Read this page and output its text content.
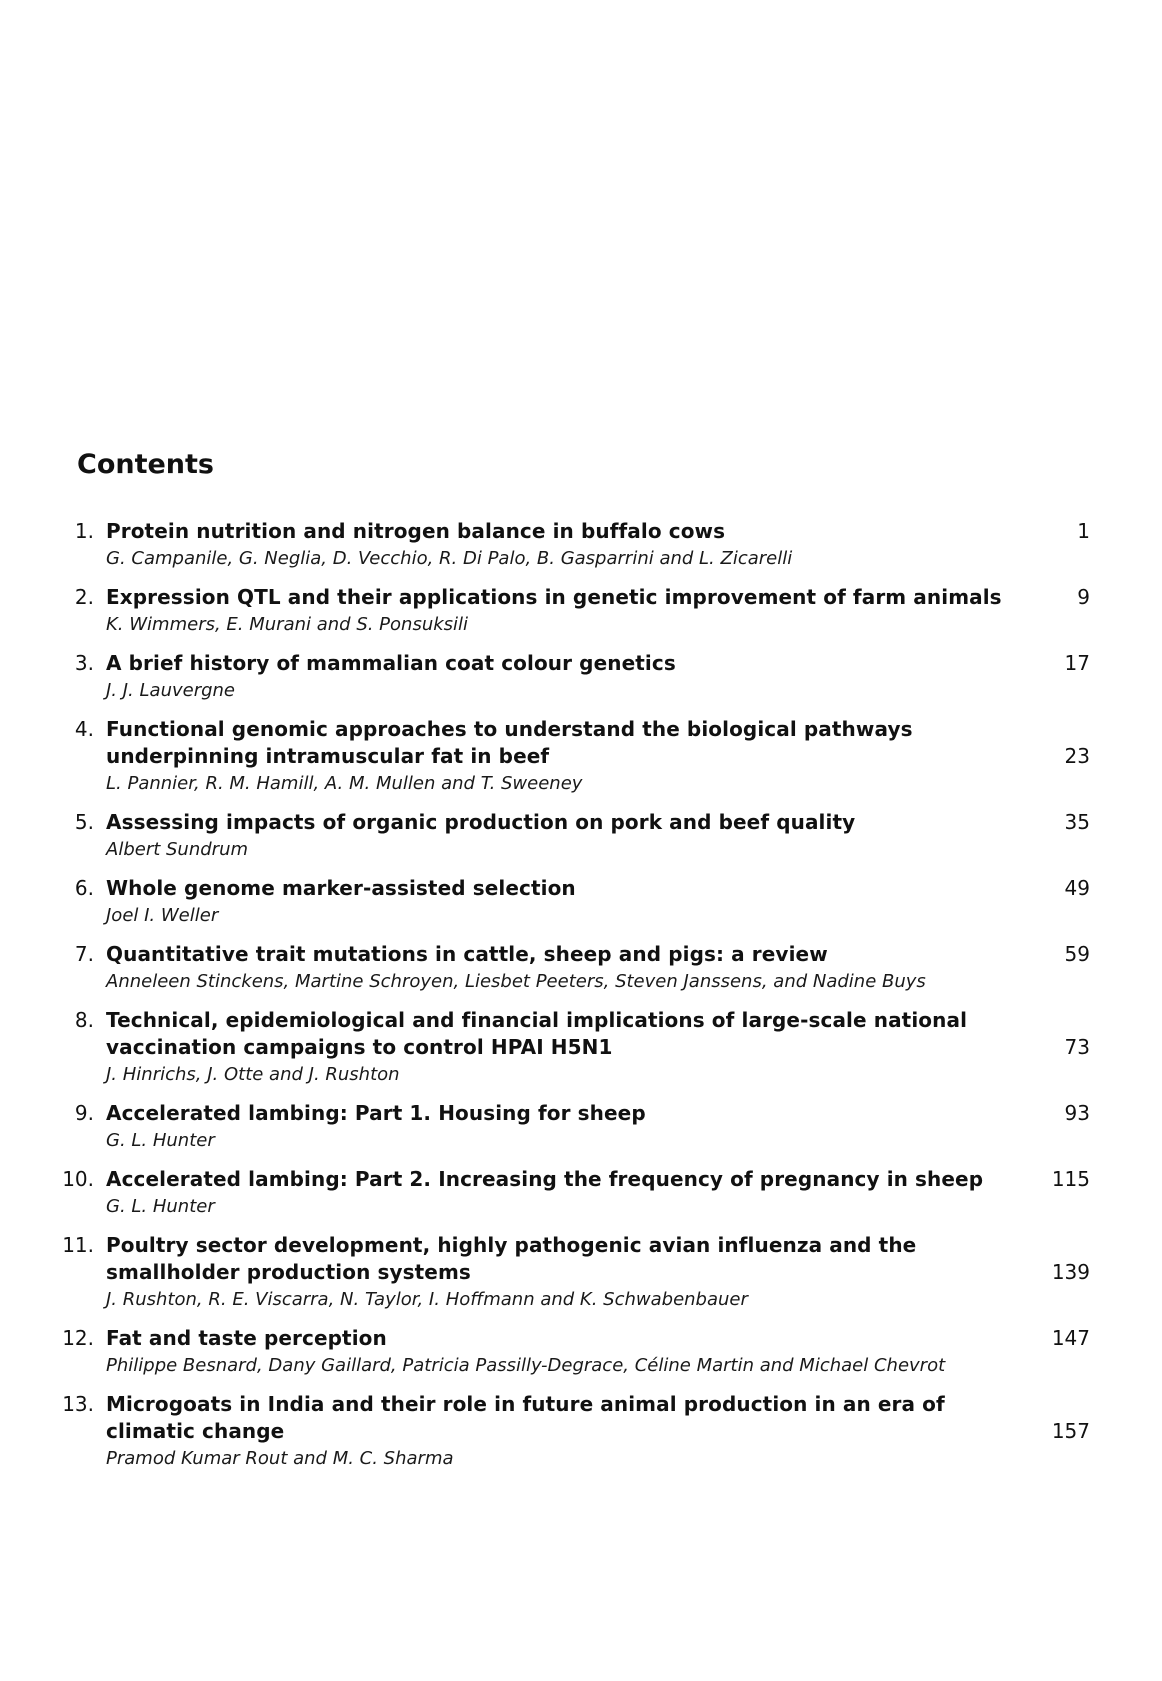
Contents
1. Protein nutrition and nitrogen balance in buffalo cows
G. Campanile, G. Neglia, D. Vecchio, R. Di Palo, B. Gasparrini and L. Zicarelli
1
2. Expression QTL and their applications in genetic improvement of farm animals
K. Wimmers, E. Murani and S. Ponsuksili
9
3. A brief history of mammalian coat colour genetics
J. J. Lauvergne
17
4. Functional genomic approaches to understand the biological pathways underpinning intramuscular fat in beef
L. Pannier, R. M. Hamill, A. M. Mullen and T. Sweeney
23
5. Assessing impacts of organic production on pork and beef quality
Albert Sundrum
35
6. Whole genome marker-assisted selection
Joel I. Weller
49
7. Quantitative trait mutations in cattle, sheep and pigs: a review
Anneleen Stinckens, Martine Schroyen, Liesbet Peeters, Steven Janssens, and Nadine Buys
59
8. Technical, epidemiological and financial implications of large-scale national vaccination campaigns to control HPAI H5N1
J. Hinrichs, J. Otte and J. Rushton
73
9. Accelerated lambing: Part 1. Housing for sheep
G. L. Hunter
93
10. Accelerated lambing: Part 2. Increasing the frequency of pregnancy in sheep
G. L. Hunter
115
11. Poultry sector development, highly pathogenic avian influenza and the smallholder production systems
J. Rushton, R. E. Viscarra, N. Taylor, I. Hoffmann and K. Schwabenbauer
139
12. Fat and taste perception
Philippe Besnard, Dany Gaillard, Patricia Passilly-Degrace, Céline Martin and Michael Chevrot
147
13. Microgoats in India and their role in future animal production in an era of climatic change
Pramod Kumar Rout and M. C. Sharma
157
